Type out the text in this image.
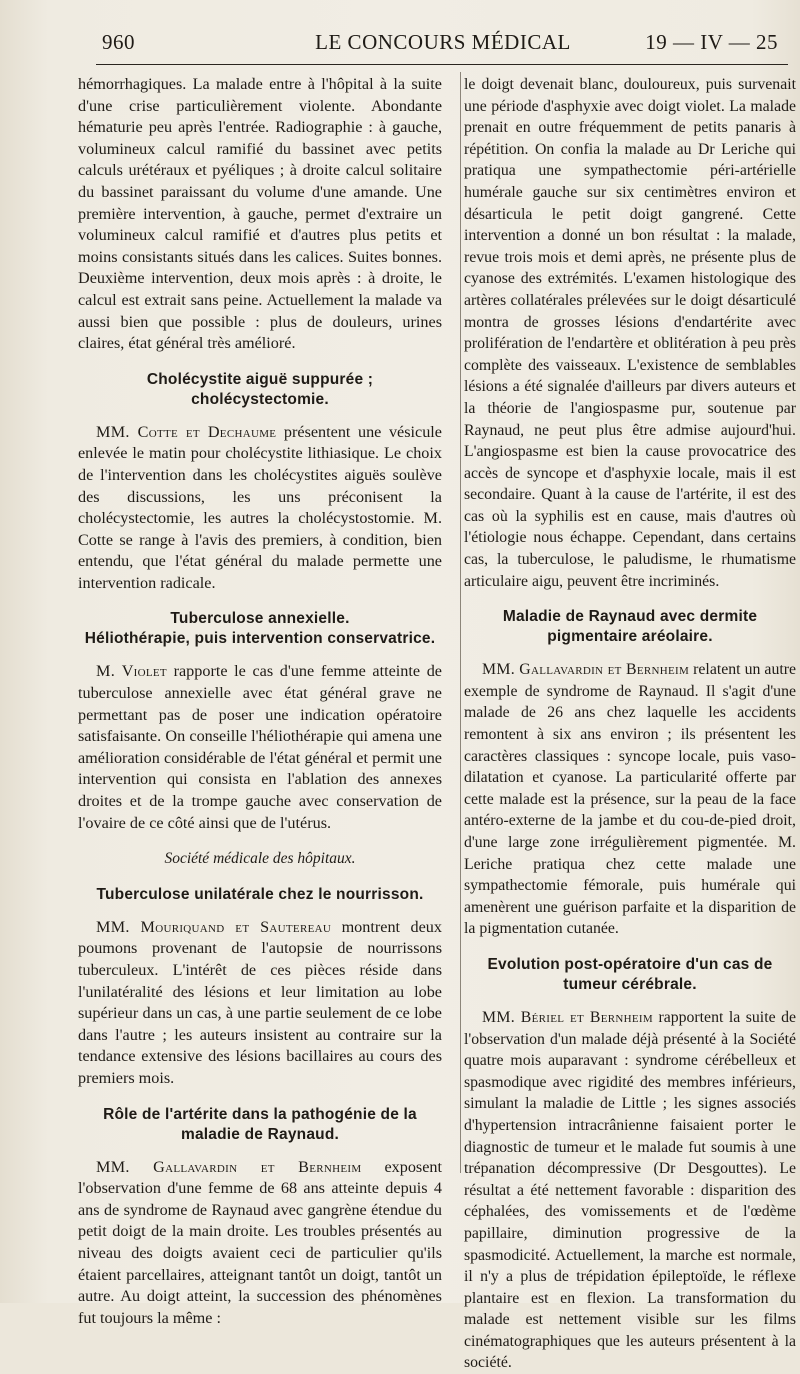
960	LE CONCOURS MÉDICAL	19 — IV — 25

hémorrhagiques. La malade entre à l'hôpital à la suite d'une crise particulièrement violente. Abondante hématurie peu après l'entrée. Radiographie : à gauche, volumineux calcul ramifié du bassinet avec petits calculs urétéraux et pyéliques ; à droite calcul solitaire du bassinet paraissant du volume d'une amande. Une première intervention, à gauche, permet d'extraire un volumineux calcul ramifié et d'autres plus petits et moins consistants situés dans les calices. Suites bonnes. Deuxième intervention, deux mois après : à droite, le calcul est extrait sans peine. Actuellement la malade va aussi bien que possible : plus de douleurs, urines claires, état général très amélioré.

Cholécystite aiguë suppurée ; cholécystectomie.

MM. Cotte et Dechaume présentent une vésicule enlevée le matin pour cholécystite lithiasique. Le choix de l'intervention dans les cholécystites aiguës soulève des discussions, les uns préconisent la cholécystectomie, les autres la cholécystostomie. M. Cotte se range à l'avis des premiers, à condition, bien entendu, que l'état général du malade permette une intervention radicale.

Tuberculose annexielle.
Héliothérapie, puis intervention conservatrice.

M. Violet rapporte le cas d'une femme atteinte de tuberculose annexielle avec état général grave ne permettant pas de poser une indication opératoire satisfaisante. On conseille l'héliothérapie qui amena une amélioration considérable de l'état général et permit une intervention qui consista en l'ablation des annexes droites et de la trompe gauche avec conservation de l'ovaire de ce côté ainsi que de l'utérus.

Société médicale des hôpitaux.
Tuberculose unilatérale chez le nourrisson.

MM. Mouriquand et Sautereau montrent deux poumons provenant de l'autopsie de nourrissons tuberculeux. L'intérêt de ces pièces réside dans l'unilatéralité des lésions et leur limitation au lobe supérieur dans un cas, à une partie seulement de ce lobe dans l'autre ; les auteurs insistent au contraire sur la tendance extensive des lésions bacillaires au cours des premiers mois.

Rôle de l'artérite dans la pathogénie de la maladie de Raynaud.

MM. Gallavardin et Bernheim exposent l'observation d'une femme de 68 ans atteinte depuis 4 ans de syndrome de Raynaud avec gangrène étendue du petit doigt de la main droite. Les troubles présentés au niveau des doigts avaient ceci de particulier qu'ils étaient parcellaires, atteignant tantôt un doigt, tantôt un autre. Au doigt atteint, la succession des phénomènes fut toujours la même :

le doigt devenait blanc, douloureux, puis survenait une période d'asphyxie avec doigt violet. La malade prenait en outre fréquemment de petits panaris à répétition. On confia la malade au Dr Leriche qui pratiqua une sympathectomie péri-artérielle humérale gauche sur six centimètres environ et désarticula le petit doigt gangrené. Cette intervention a donné un bon résultat : la malade, revue trois mois et demi après, ne présente plus de cyanose des extrémités. L'examen histologique des artères collatérales prélevées sur le doigt désarticulé montra de grosses lésions d'endartérite avec prolifération de l'endartère et oblitération à peu près complète des vaisseaux. L'existence de semblables lésions a été signalée d'ailleurs par divers auteurs et la théorie de l'angiospasme pur, soutenue par Raynaud, ne peut plus être admise aujourd'hui. L'angiospasme est bien la cause provocatrice des accès de syncope et d'asphyxie locale, mais il est secondaire. Quant à la cause de l'artérite, il est des cas où la syphilis est en cause, mais d'autres où l'étiologie nous échappe. Cependant, dans certains cas, la tuberculose, le paludisme, le rhumatisme articulaire aigu, peuvent être incriminés.

Maladie de Raynaud avec dermite pigmentaire aréolaire.

MM. Gallavardin et Bernheim relatent un autre exemple de syndrome de Raynaud. Il s'agit d'une malade de 26 ans chez laquelle les accidents remontent à six ans environ ; ils présentent les caractères classiques : syncope locale, puis vaso-dilatation et cyanose. La particularité offerte par cette malade est la présence, sur la peau de la face antéro-externe de la jambe et du cou-de-pied droit, d'une large zone irrégulièrement pigmentée. M. Leriche pratiqua chez cette malade une sympathectomie fémorale, puis humérale qui amenèrent une guérison parfaite et la disparition de la pigmentation cutanée.

Evolution post-opératoire d'un cas de tumeur cérébrale.

MM. Bériel et Bernheim rapportent la suite de l'observation d'un malade déjà présenté à la Société quatre mois auparavant : syndrome cérébelleux et spasmodique avec rigidité des membres inférieurs, simulant la maladie de Little ; les signes associés d'hypertension intracrânienne faisaient porter le diagnostic de tumeur et le malade fut soumis à une trépanation décompressive (Dr Desgouttes). Le résultat a été nettement favorable : disparition des céphalées, des vomissements et de l'œdème papillaire, diminution progressive de la spasmodicité. Actuellement, la marche est normale, il n'y a plus de trépidation épileptoïde, le réflexe plantaire est en flexion. La transformation du malade est nettement visible sur les films cinématographiques que les auteurs présentent à la société.
